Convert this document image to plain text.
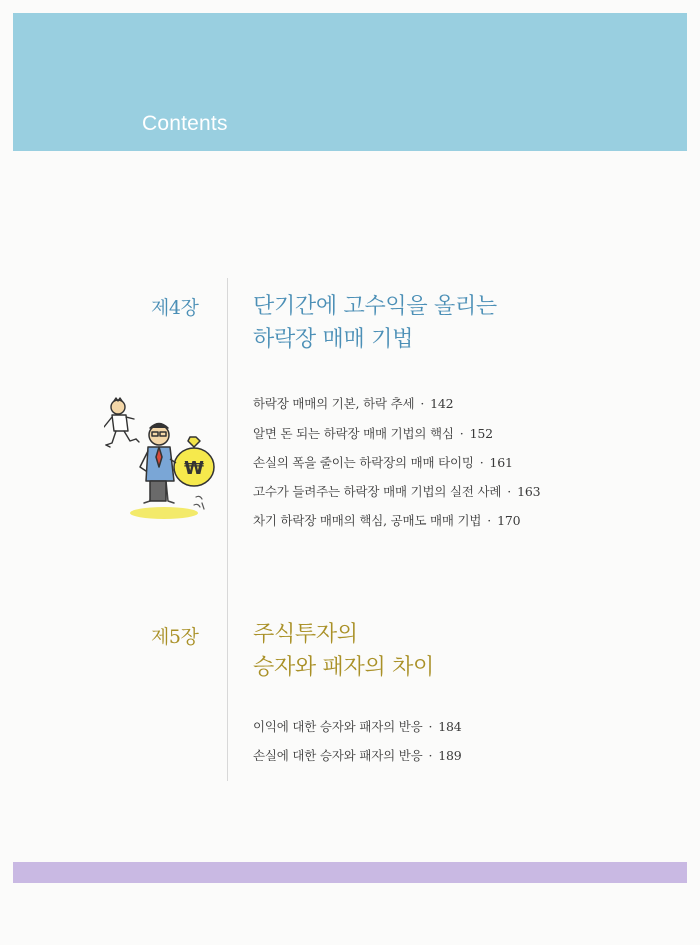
Contents
제4장 단기간에 고수익을 올리는
하락장 매매 기법
하락장 매매의 기본, 하락 추세 · 142
알면 돈 되는 하락장 매매 기법의 핵심 · 152
손실의 폭을 줄이는 하락장의 매매 타이밍 · 161
고수가 들려주는 하락장 매매 기법의 실전 사례 · 163
차기 하락장 매매의 핵심, 공매도 매매 기법 · 170
₩
제5장 주식투자의
승자와 패자의 차이
이익에 대한 승자와 패자의 반응 · 184
손실에 대한 승자와 패자의 반응 · 189
